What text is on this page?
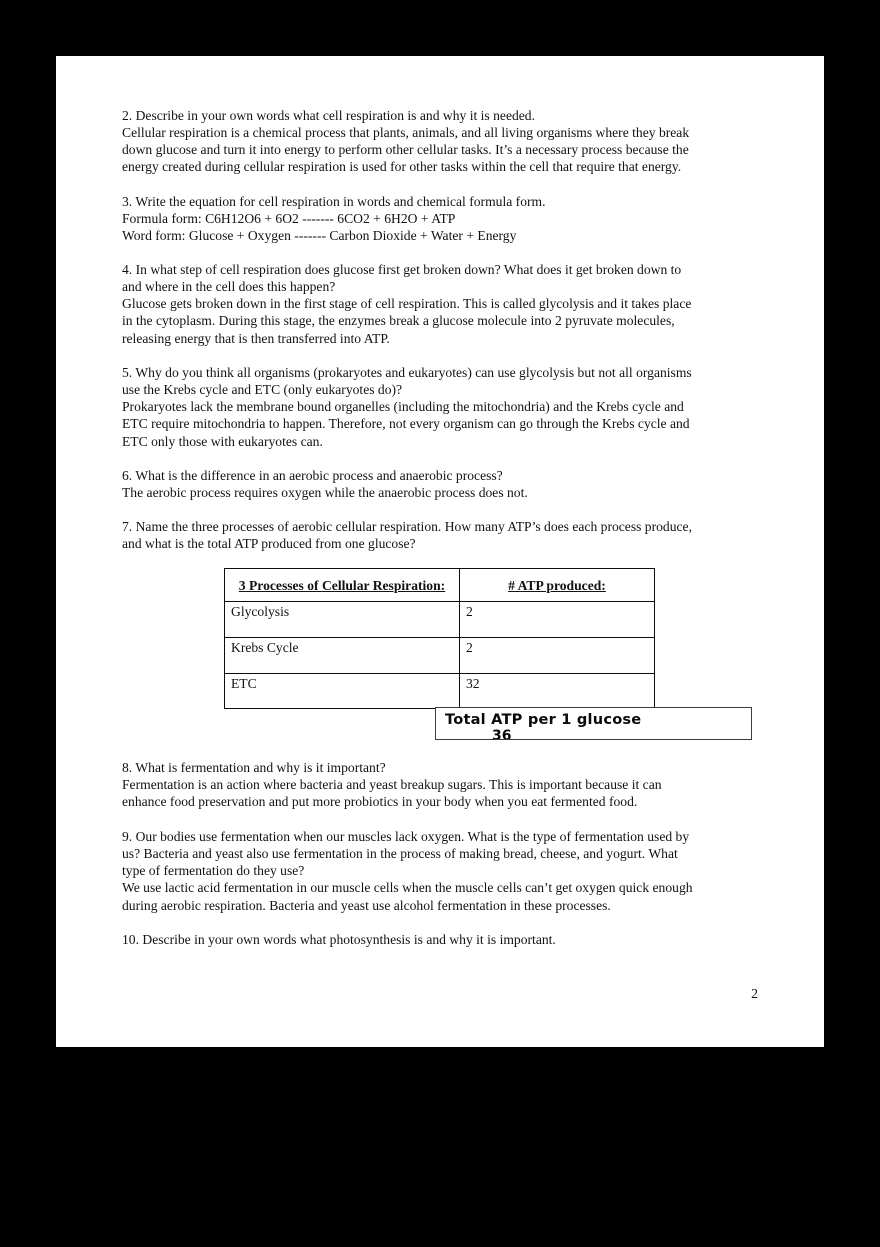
2. Describe in your own words what cell respiration is and why it is needed.
Cellular respiration is a chemical process that plants, animals, and all living organisms where they break
down glucose and turn it into energy to perform other cellular tasks. It’s a necessary process because the
energy created during cellular respiration is used for other tasks within the cell that require that energy.
3. Write the equation for cell respiration in words and chemical formula form.
Formula form: C6H12O6 + 6O2 ------- 6CO2 + 6H2O + ATP
Word form: Glucose + Oxygen ------- Carbon Dioxide + Water + Energy
4. In what step of cell respiration does glucose first get broken down? What does it get broken down to
and where in the cell does this happen?
Glucose gets broken down in the first stage of cell respiration. This is called glycolysis and it takes place
in the cytoplasm. During this stage, the enzymes break a glucose molecule into 2 pyruvate molecules,
releasing energy that is then transferred into ATP.
5. Why do you think all organisms (prokaryotes and eukaryotes) can use glycolysis but not all organisms
use the Krebs cycle and ETC (only eukaryotes do)?
Prokaryotes lack the membrane bound organelles (including the mitochondria) and the Krebs cycle and
ETC require mitochondria to happen. Therefore, not every organism can go through the Krebs cycle and
ETC only those with eukaryotes can.
6. What is the difference in an aerobic process and anaerobic process?
The aerobic process requires oxygen while the anaerobic process does not.
7. Name the three processes of aerobic cellular respiration. How many ATP’s does each process produce,
and what is the total ATP produced from one glucose?
3 Processes of Cellular Respiration:	# ATP produced:
Glycolysis	2
Krebs Cycle	2
ETC	32
Total ATP per 1 glucose
36
8. What is fermentation and why is it important?
Fermentation is an action where bacteria and yeast breakup sugars. This is important because it can
enhance food preservation and put more probiotics in your body when you eat fermented food.
9. Our bodies use fermentation when our muscles lack oxygen. What is the type of fermentation used by
us? Bacteria and yeast also use fermentation in the process of making bread, cheese, and yogurt. What
type of fermentation do they use?
We use lactic acid fermentation in our muscle cells when the muscle cells can’t get oxygen quick enough
during aerobic respiration. Bacteria and yeast use alcohol fermentation in these processes.
10. Describe in your own words what photosynthesis is and why it is important.
2
